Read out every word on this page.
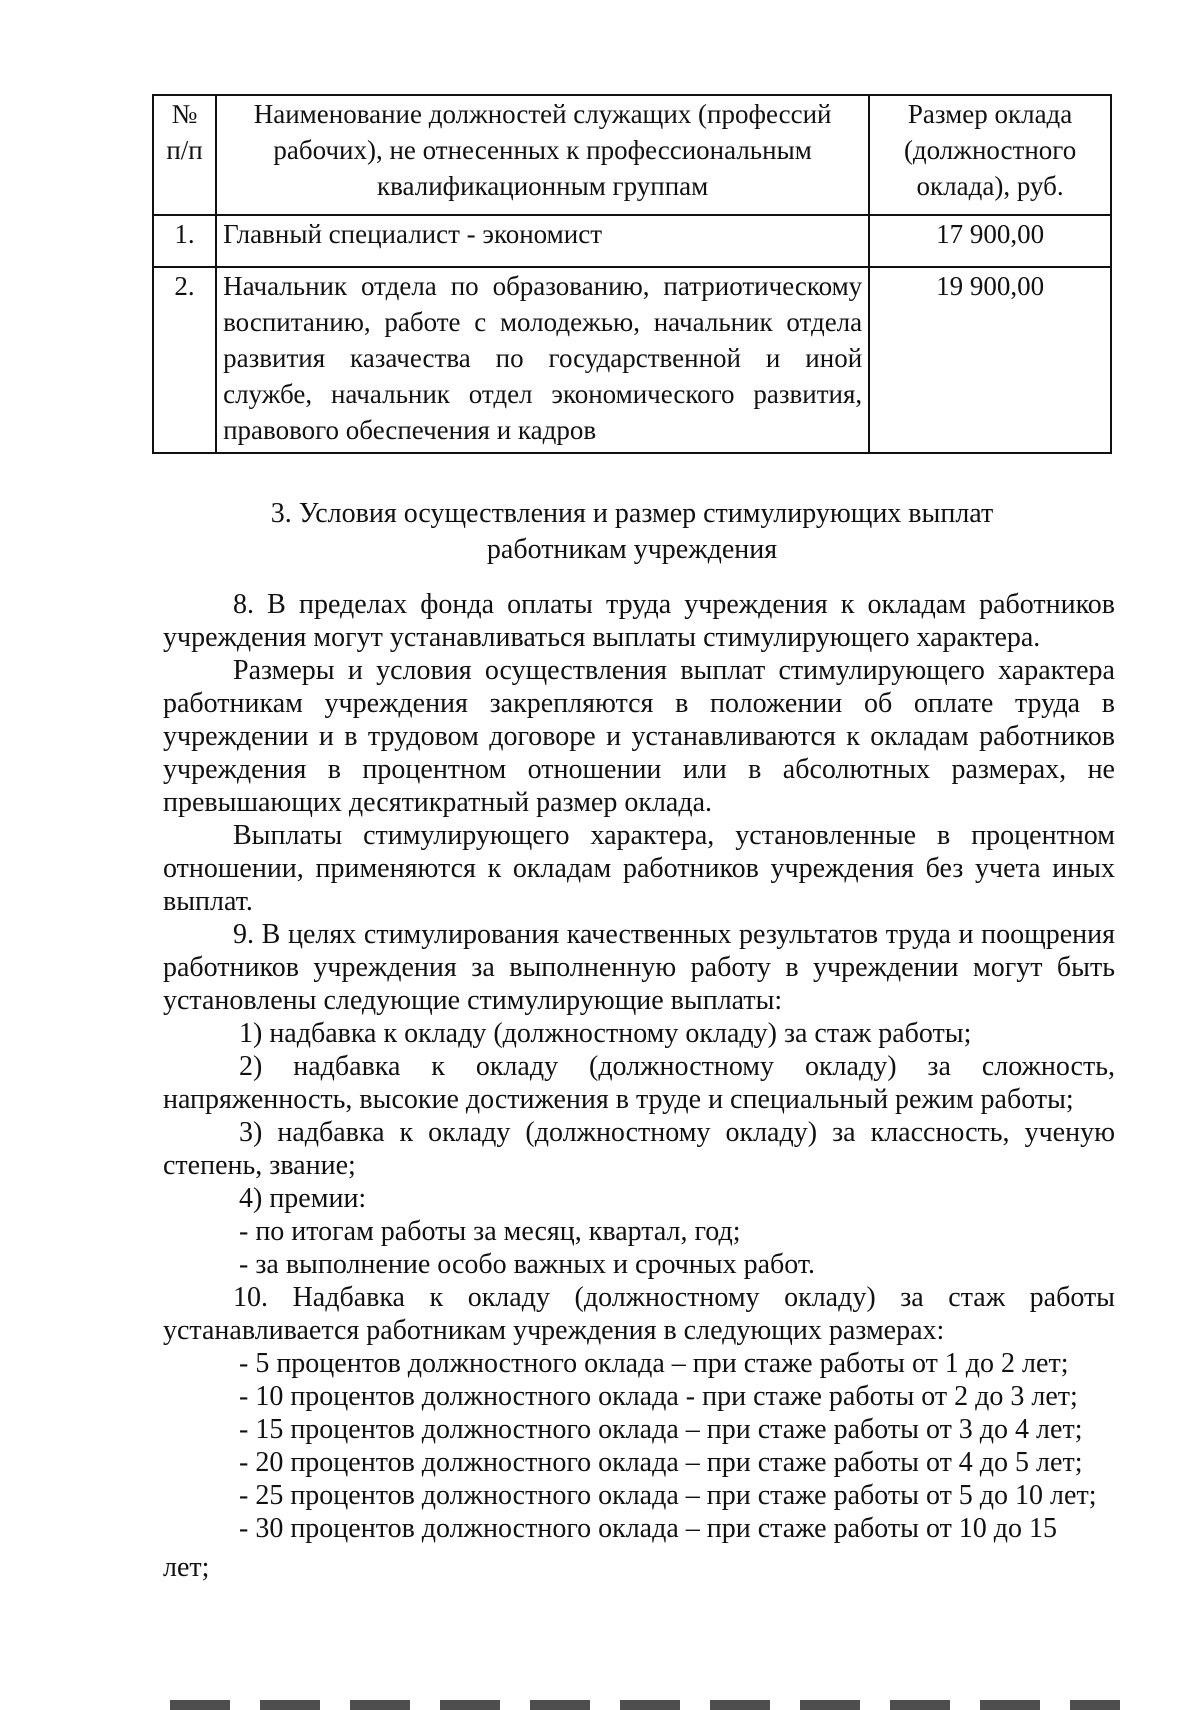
№ п/п	Наименование должностей служащих (профессий рабочих), не отнесенных к профессиональным квалификационным группам	Размер оклада (должностного оклада), руб.
1.	Главный специалист - экономист	17 900,00
2.	Начальник отдела по образованию, патриотическому воспитанию, работе с молодежью, начальник отдела развития казачества по государственной и иной службе, начальник отдел экономического развития, правового обеспечения и кадров	19 900,00
3. Условия осуществления и размер стимулирующих выплат
работникам учреждения

8. В пределах фонда оплаты труда учреждения к окладам работников учреждения могут устанавливаться выплаты стимулирующего характера.

Размеры и условия осуществления выплат стимулирующего характера работникам учреждения закрепляются в положении об оплате труда в учреждении и в трудовом договоре и устанавливаются к окладам работников учреждения в процентном отношении или в абсолютных размерах, не превышающих десятикратный размер оклада.

Выплаты стимулирующего характера, установленные в процентном отношении, применяются к окладам работников учреждения без учета иных выплат.

9. В целях стимулирования качественных результатов труда и поощрения работников учреждения за выполненную работу в учреждении могут быть установлены следующие стимулирующие выплаты:

1) надбавка к окладу (должностному окладу) за стаж работы;

2) надбавка к окладу (должностному окладу) за сложность, напряженность, высокие достижения в труде и специальный режим работы;

3) надбавка к окладу (должностному окладу) за классность, ученую степень, звание;

4) премии:

- по итогам работы за месяц, квартал, год;

- за выполнение особо важных и срочных работ.

10. Надбавка к окладу (должностному окладу) за стаж работы устанавливается работникам учреждения в следующих размерах:

- 5 процентов должностного оклада – при стаже работы от 1 до 2 лет;

- 10 процентов должностного оклада - при стаже работы от 2 до 3 лет;

- 15 процентов должностного оклада – при стаже работы от 3 до 4 лет;

- 20 процентов должностного оклада – при стаже работы от 4 до 5 лет;

- 25 процентов должностного оклада – при стаже работы от 5 до 10 лет;

- 30 процентов должностного оклада – при стаже работы от 10 до 15

лет;
